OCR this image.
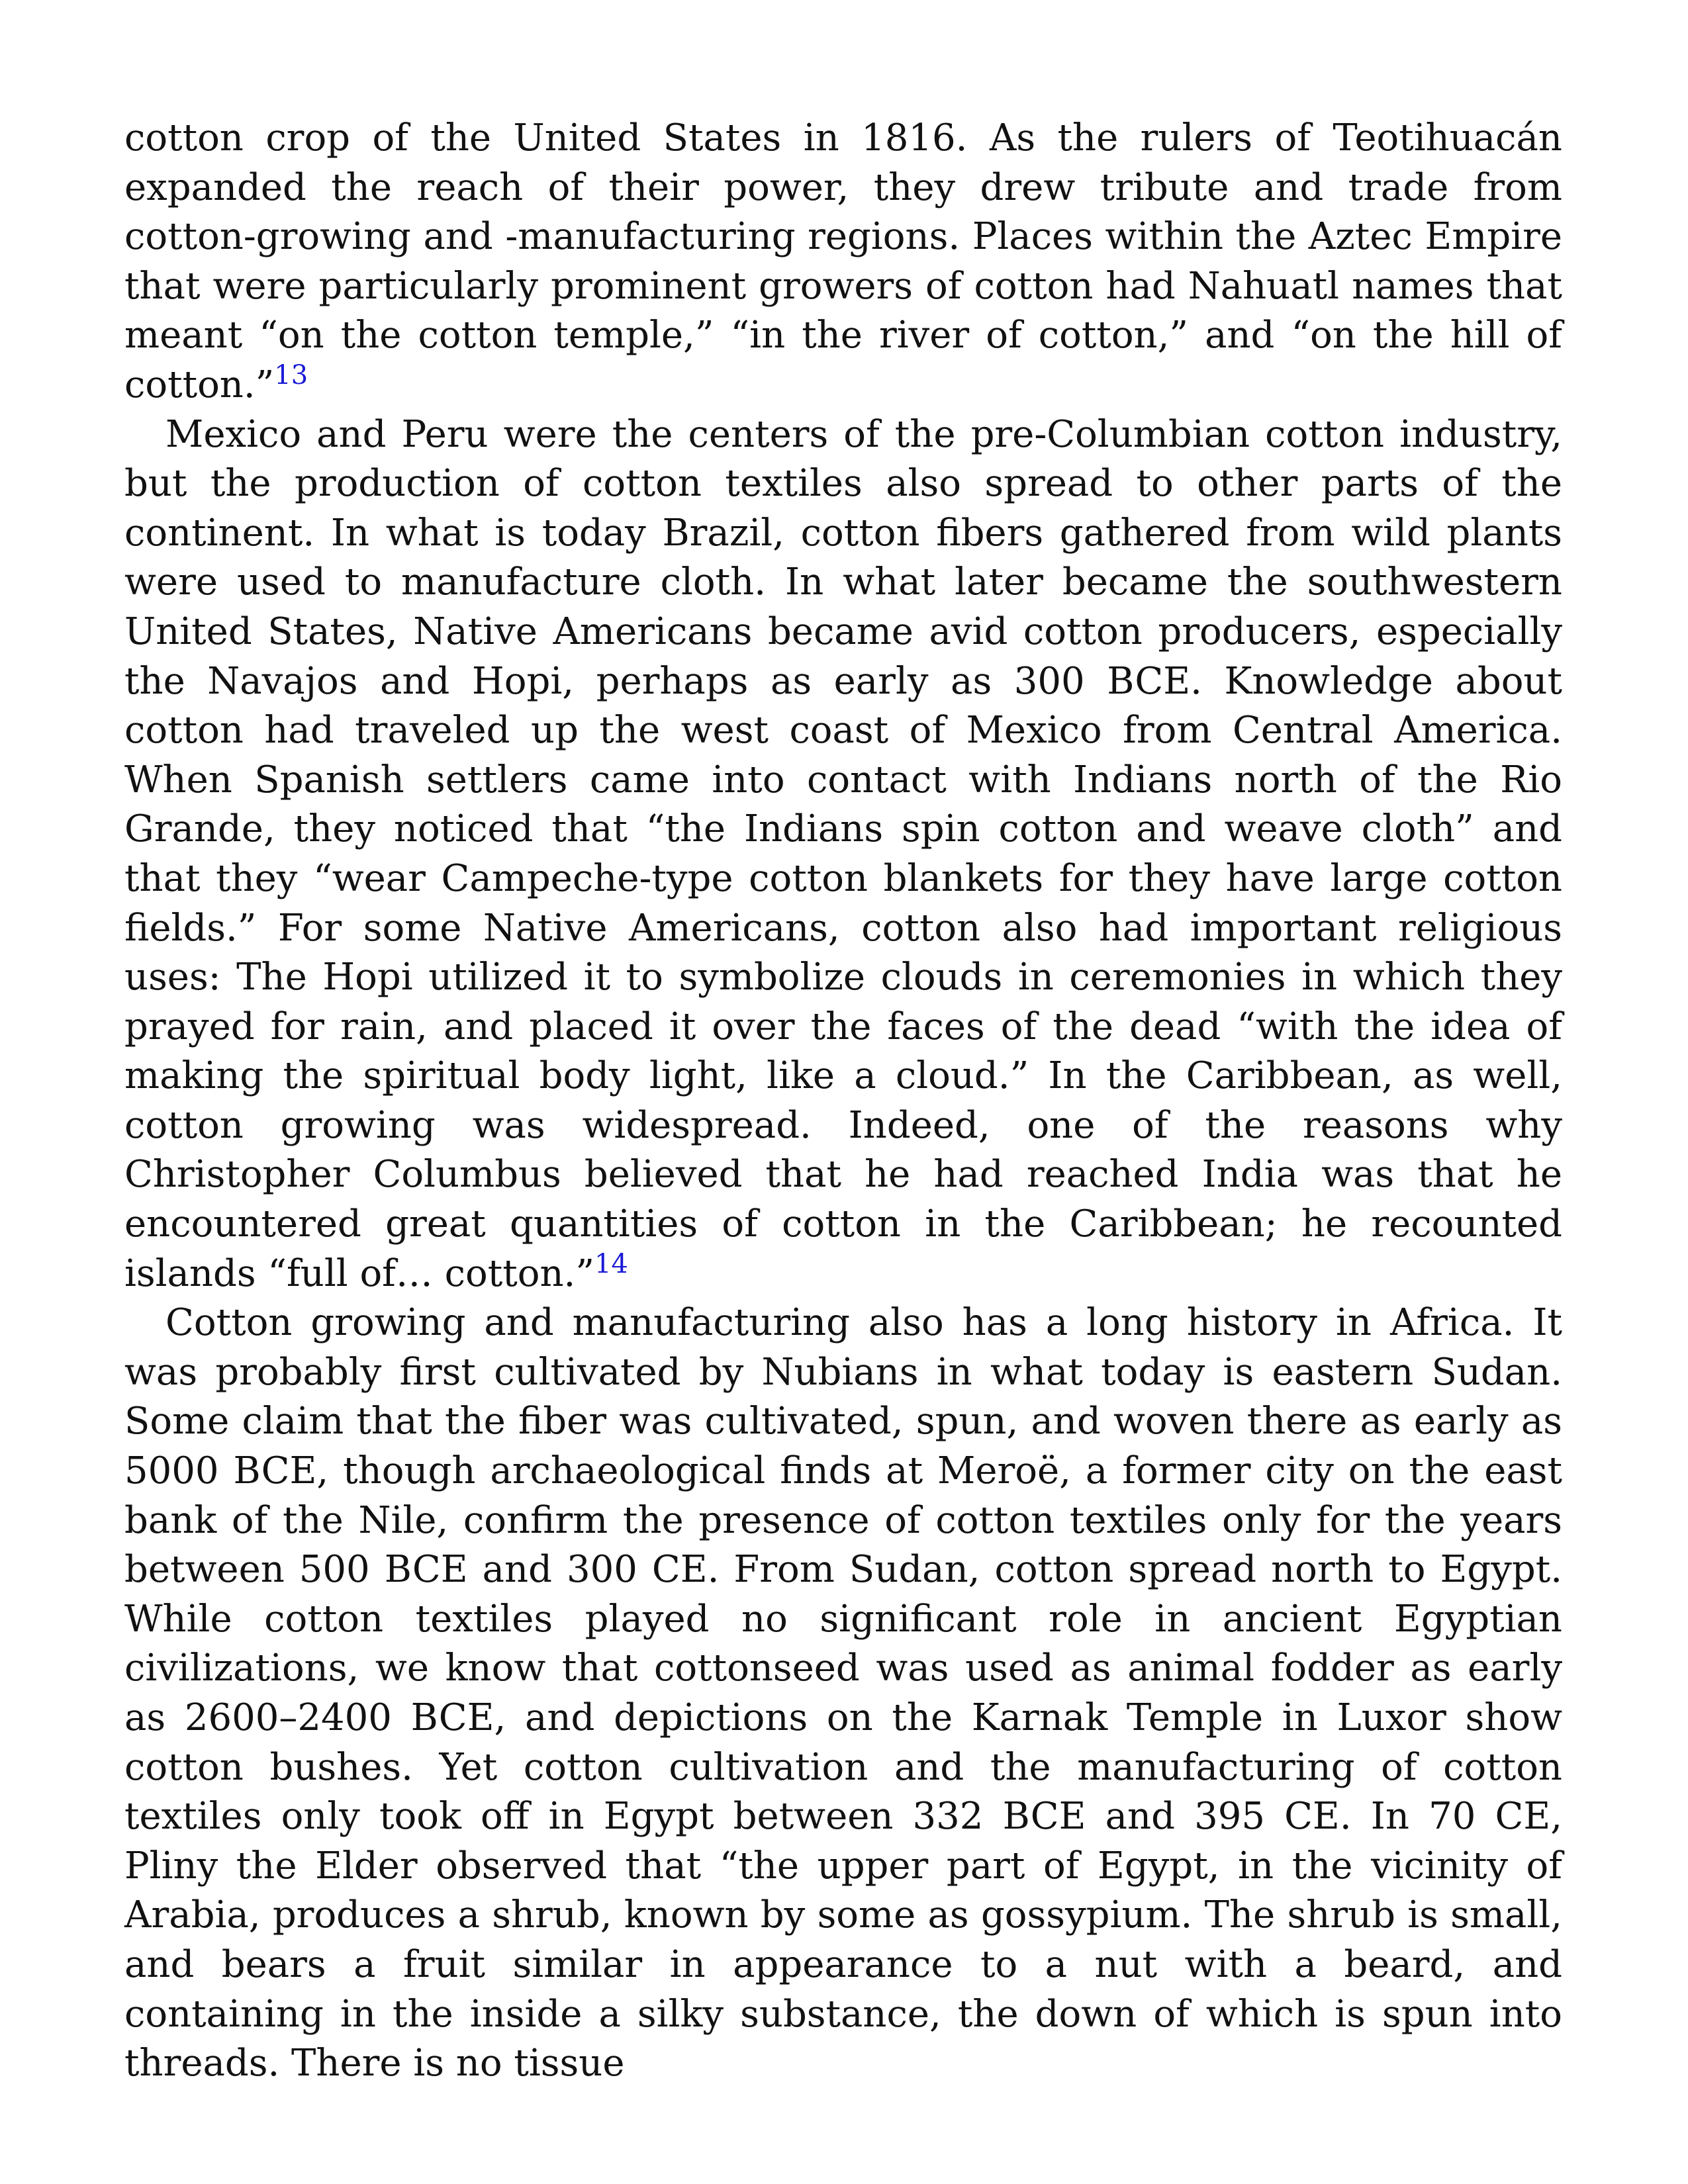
cotton crop of the United States in 1816. As the rulers of Teotihuacán expanded the reach of their power, they drew tribute and trade from cotton-growing and -manufacturing regions. Places within the Aztec Empire that were particularly prominent growers of cotton had Nahuatl names that meant “on the cotton temple,” “in the river of cotton,” and “on the hill of cotton.”$^{13}$

Mexico and Peru were the centers of the pre-Columbian cotton industry, but the production of cotton textiles also spread to other parts of the continent. In what is today Brazil, cotton fibers gathered from wild plants were used to manufacture cloth. In what later became the southwestern United States, Native Americans became avid cotton producers, especially the Navajos and Hopi, perhaps as early as 300 BCE. Knowledge about cotton had traveled up the west coast of Mexico from Central America. When Spanish settlers came into contact with Indians north of the Rio Grande, they noticed that “the Indians spin cotton and weave cloth” and that they “wear Campeche-type cotton blankets for they have large cotton fields.” For some Native Americans, cotton also had important religious uses: The Hopi utilized it to symbolize clouds in ceremonies in which they prayed for rain, and placed it over the faces of the dead “with the idea of making the spiritual body light, like a cloud.” In the Caribbean, as well, cotton growing was widespread. Indeed, one of the reasons why Christopher Columbus believed that he had reached India was that he encountered great quantities of cotton in the Caribbean; he recounted islands “full of… cotton.”$^{14}$

Cotton growing and manufacturing also has a long history in Africa. It was probably first cultivated by Nubians in what today is eastern Sudan. Some claim that the fiber was cultivated, spun, and woven there as early as 5000 BCE, though archaeological finds at Meroë, a former city on the east bank of the Nile, confirm the presence of cotton textiles only for the years between 500 BCE and 300 CE. From Sudan, cotton spread north to Egypt. While cotton textiles played no significant role in ancient Egyptian civilizations, we know that cottonseed was used as animal fodder as early as 2600–2400 BCE, and depictions on the Karnak Temple in Luxor show cotton bushes. Yet cotton cultivation and the manufacturing of cotton textiles only took off in Egypt between 332 BCE and 395 CE. In 70 CE, Pliny the Elder observed that “the upper part of Egypt, in the vicinity of Arabia, produces a shrub, known by some as gossypium. The shrub is small, and bears a fruit similar in appearance to a nut with a beard, and containing in the inside a silky substance, the down of which is spun into threads. There is no tissue
